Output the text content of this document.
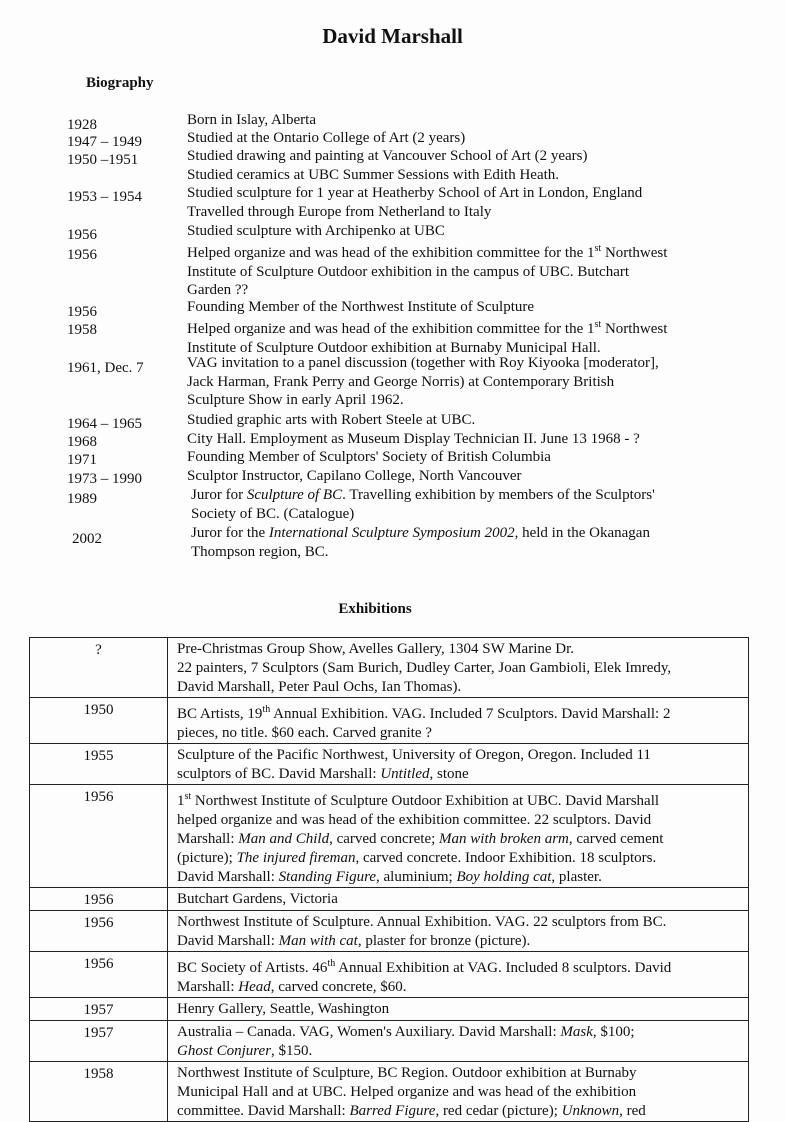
David Marshall
Biography
1928	Born in Islay, Alberta

1947 – 1949	Studied at the Ontario College of Art (2 years)

1950 –1951	Studied drawing and painting at Vancouver School of Art (2 years)

Studied ceramics at UBC Summer Sessions with Edith Heath.

1953 – 1954	Studied sculpture for 1 year at Heatherby School of Art in London, England

Travelled through Europe from Netherland to Italy

1956	Studied sculpture with Archipenko at UBC

1956	Helped organize and was head of the exhibition committee for the 1st Northwest

Institute of Sculpture Outdoor exhibition in the campus of UBC. Butchart

Garden ??

1956	Founding Member of the Northwest Institute of Sculpture

1958	Helped organize and was head of the exhibition committee for the 1st Northwest

Institute of Sculpture Outdoor exhibition at Burnaby Municipal Hall.

1961, Dec. 7	VAG invitation to a panel discussion (together with Roy Kiyooka [moderator],

Jack Harman, Frank Perry and George Norris) at Contemporary British

Sculpture Show in early April 1962.

1964 – 1965	Studied graphic arts with Robert Steele at UBC.

1968	City Hall. Employment as Museum Display Technician II. June 13 1968 - ?

1971	Founding Member of Sculptors' Society of British Columbia

1973 – 1990	Sculptor Instructor, Capilano College, North Vancouver

1989	Juror for Sculpture of BC. Travelling exhibition by members of the Sculptors'

Society of BC. (Catalogue)

2002	Juror for the International Sculpture Symposium 2002, held in the Okanagan

Thompson region, BC.

Exhibitions
?	Pre-Christmas Group Show, Avelles Gallery, 1304 SW Marine Dr.

22 painters, 7 Sculptors (Sam Burich, Dudley Carter, Joan Gambioli, Elek Imredy,

David Marshall, Peter Paul Ochs, Ian Thomas).

1950	BC Artists, 19th Annual Exhibition. VAG. Included 7 Sculptors. David Marshall: 2

pieces, no title. $60 each. Carved granite ?

1955	Sculpture of the Pacific Northwest, University of Oregon, Oregon. Included 11

sculptors of BC. David Marshall: Untitled, stone

1956	1st Northwest Institute of Sculpture Outdoor Exhibition at UBC. David Marshall

helped organize and was head of the exhibition committee. 22 sculptors. David

Marshall: Man and Child, carved concrete; Man with broken arm, carved cement

(picture); The injured fireman, carved concrete. Indoor Exhibition. 18 sculptors.

David Marshall: Standing Figure, aluminium; Boy holding cat, plaster.

1956	Butchart Gardens, Victoria

1956	Northwest Institute of Sculpture. Annual Exhibition. VAG. 22 sculptors from BC.

David Marshall: Man with cat, plaster for bronze (picture).

1956	BC Society of Artists. 46th Annual Exhibition at VAG. Included 8 sculptors. David

Marshall: Head, carved concrete, $60.

1957	Henry Gallery, Seattle, Washington

1957	Australia – Canada. VAG, Women's Auxiliary. David Marshall: Mask, $100;

Ghost Conjurer, $150.

1958	Northwest Institute of Sculpture, BC Region. Outdoor exhibition at Burnaby

Municipal Hall and at UBC. Helped organize and was head of the exhibition

committee. David Marshall: Barred Figure, red cedar (picture); Unknown, red
